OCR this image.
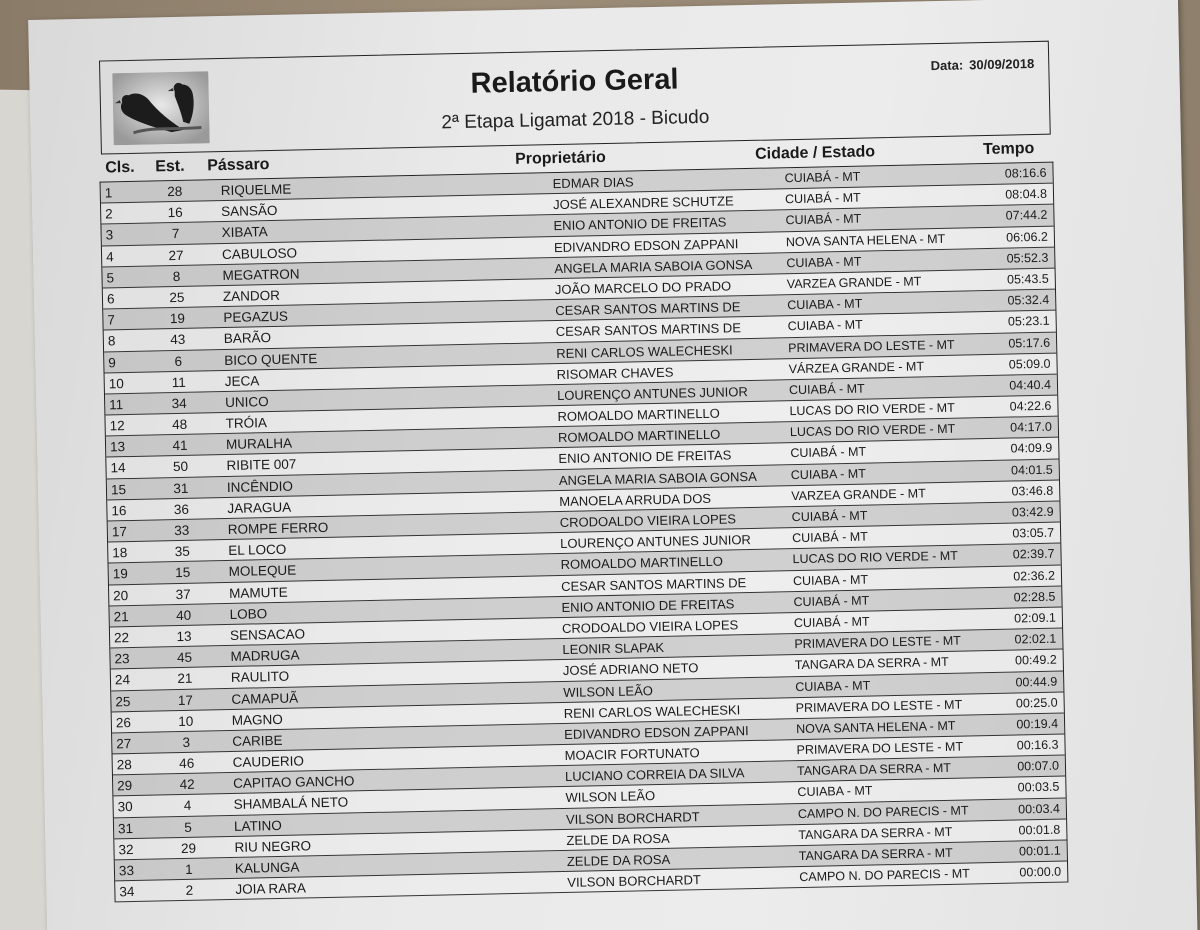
Relatório Geral
2ª Etapa Ligamat 2018 - Bicudo
Data: 30/09/2018
Cls. Est. Pássaro	Proprietário	Cidade / Estado	Tempo
1	28	RIQUELME	EDMAR DIAS	CUIABÁ - MT	08:16.6
2	16	SANSÃO	JOSÉ ALEXANDRE SCHUTZE	CUIABÁ - MT	08:04.8
3	7	XIBATA	ENIO ANTONIO DE FREITAS	CUIABÁ - MT	07:44.2
4	27	CABULOSO	EDIVANDRO EDSON ZAPPANI	NOVA SANTA HELENA - MT	06:06.2
5	8	MEGATRON	ANGELA MARIA SABOIA GONSA	CUIABA - MT	05:52.3
6	25	ZANDOR	JOÃO MARCELO DO PRADO	VARZEA GRANDE - MT	05:43.5
7	19	PEGAZUS	CESAR SANTOS MARTINS DE	CUIABA - MT	05:32.4
8	43	BARÃO	CESAR SANTOS MARTINS DE	CUIABA - MT	05:23.1
9	6	BICO QUENTE	RENI CARLOS WALECHESKI	PRIMAVERA DO LESTE - MT	05:17.6
10	11	JECA	RISOMAR CHAVES	VÁRZEA GRANDE - MT	05:09.0
11	34	UNICO	LOURENÇO ANTUNES JUNIOR	CUIABÁ - MT	04:40.4
12	48	TRÓIA	ROMOALDO MARTINELLO	LUCAS DO RIO VERDE - MT	04:22.6
13	41	MURALHA	ROMOALDO MARTINELLO	LUCAS DO RIO VERDE - MT	04:17.0
14	50	RIBITE 007	ENIO ANTONIO DE FREITAS	CUIABÁ - MT	04:09.9
15	31	INCÊNDIO	ANGELA MARIA SABOIA GONSA	CUIABA - MT	04:01.5
16	36	JARAGUA	MANOELA ARRUDA DOS	VARZEA GRANDE - MT	03:46.8
17	33	ROMPE FERRO	CRODOALDO VIEIRA LOPES	CUIABÁ - MT	03:42.9
18	35	EL LOCO	LOURENÇO ANTUNES JUNIOR	CUIABÁ - MT	03:05.7
19	15	MOLEQUE	ROMOALDO MARTINELLO	LUCAS DO RIO VERDE - MT	02:39.7
20	37	MAMUTE	CESAR SANTOS MARTINS DE	CUIABA - MT	02:36.2
21	40	LOBO	ENIO ANTONIO DE FREITAS	CUIABÁ - MT	02:28.5
22	13	SENSACAO	CRODOALDO VIEIRA LOPES	CUIABÁ - MT	02:09.1
23	45	MADRUGA	LEONIR SLAPAK	PRIMAVERA DO LESTE - MT	02:02.1
24	21	RAULITO	JOSÉ ADRIANO NETO	TANGARA DA SERRA - MT	00:49.2
25	17	CAMAPUÃ	WILSON LEÃO	CUIABA - MT	00:44.9
26	10	MAGNO	RENI CARLOS WALECHESKI	PRIMAVERA DO LESTE - MT	00:25.0
27	3	CARIBE	EDIVANDRO EDSON ZAPPANI	NOVA SANTA HELENA - MT	00:19.4
28	46	CAUDERIO	MOACIR FORTUNATO	PRIMAVERA DO LESTE - MT	00:16.3
29	42	CAPITAO GANCHO	LUCIANO CORREIA DA SILVA	TANGARA DA SERRA - MT	00:07.0
30	4	SHAMBALÁ NETO	WILSON LEÃO	CUIABA - MT	00:03.5
31	5	LATINO	VILSON BORCHARDT	CAMPO N. DO PARECIS - MT	00:03.4
32	29	RIU NEGRO	ZELDE DA ROSA	TANGARA DA SERRA - MT	00:01.8
33	1	KALUNGA	ZELDE DA ROSA	TANGARA DA SERRA - MT	00:01.1
34	2	JOIA RARA	VILSON BORCHARDT	CAMPO N. DO PARECIS - MT	00:00.0
